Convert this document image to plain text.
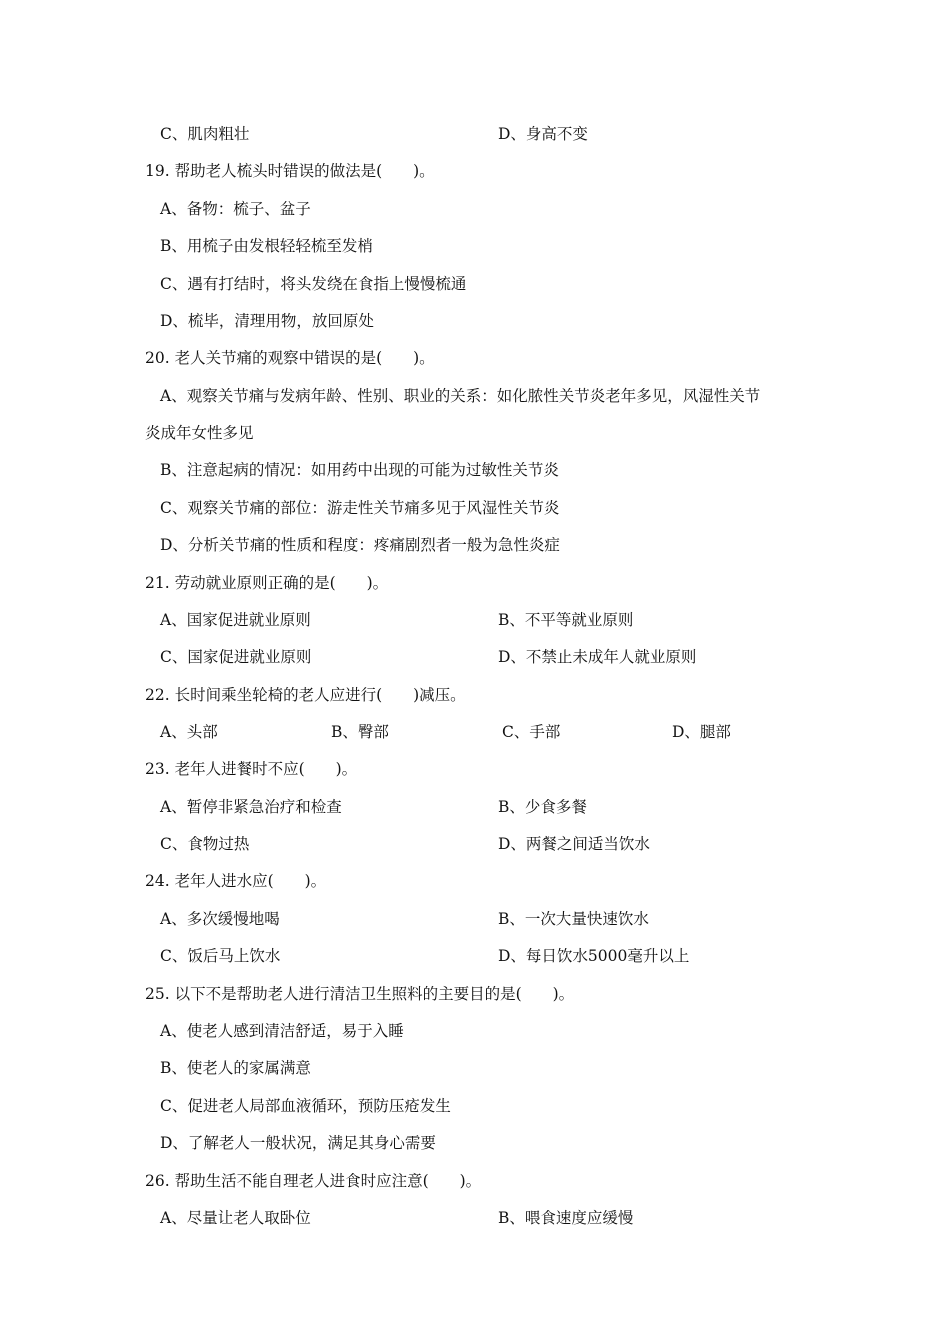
C、肌肉粗壮	D、身高不变
19. 帮助老人梳头时错误的做法是(　　)。
A、备物：梳子、盆子
B、用梳子由发根轻轻梳至发梢
C、遇有打结时，将头发绕在食指上慢慢梳通
D、梳毕，清理用物，放回原处
20. 老人关节痛的观察中错误的是(　　)。
A、观察关节痛与发病年龄、性别、职业的关系：如化脓性关节炎老年多见，风湿性关节
炎成年女性多见
B、注意起病的情况：如用药中出现的可能为过敏性关节炎
C、观察关节痛的部位：游走性关节痛多见于风湿性关节炎
D、分析关节痛的性质和程度：疼痛剧烈者一般为急性炎症
21. 劳动就业原则正确的是(　　)。
A、国家促进就业原则	B、不平等就业原则
C、国家促进就业原则	D、不禁止未成年人就业原则
22. 长时间乘坐轮椅的老人应进行(　　)减压。
A、头部	B、臀部	C、手部	D、腿部
23. 老年人进餐时不应(　　)。
A、暂停非紧急治疗和检查	B、少食多餐
C、食物过热	D、两餐之间适当饮水
24. 老年人进水应(　　)。
A、多次缓慢地喝	B、一次大量快速饮水
C、饭后马上饮水	D、每日饮水5000毫升以上
25. 以下不是帮助老人进行清洁卫生照料的主要目的是(　　)。
A、使老人感到清洁舒适，易于入睡
B、使老人的家属满意
C、促进老人局部血液循环，预防压疮发生
D、了解老人一般状况，满足其身心需要
26. 帮助生活不能自理老人进食时应注意(　　)。
A、尽量让老人取卧位	B、喂食速度应缓慢
